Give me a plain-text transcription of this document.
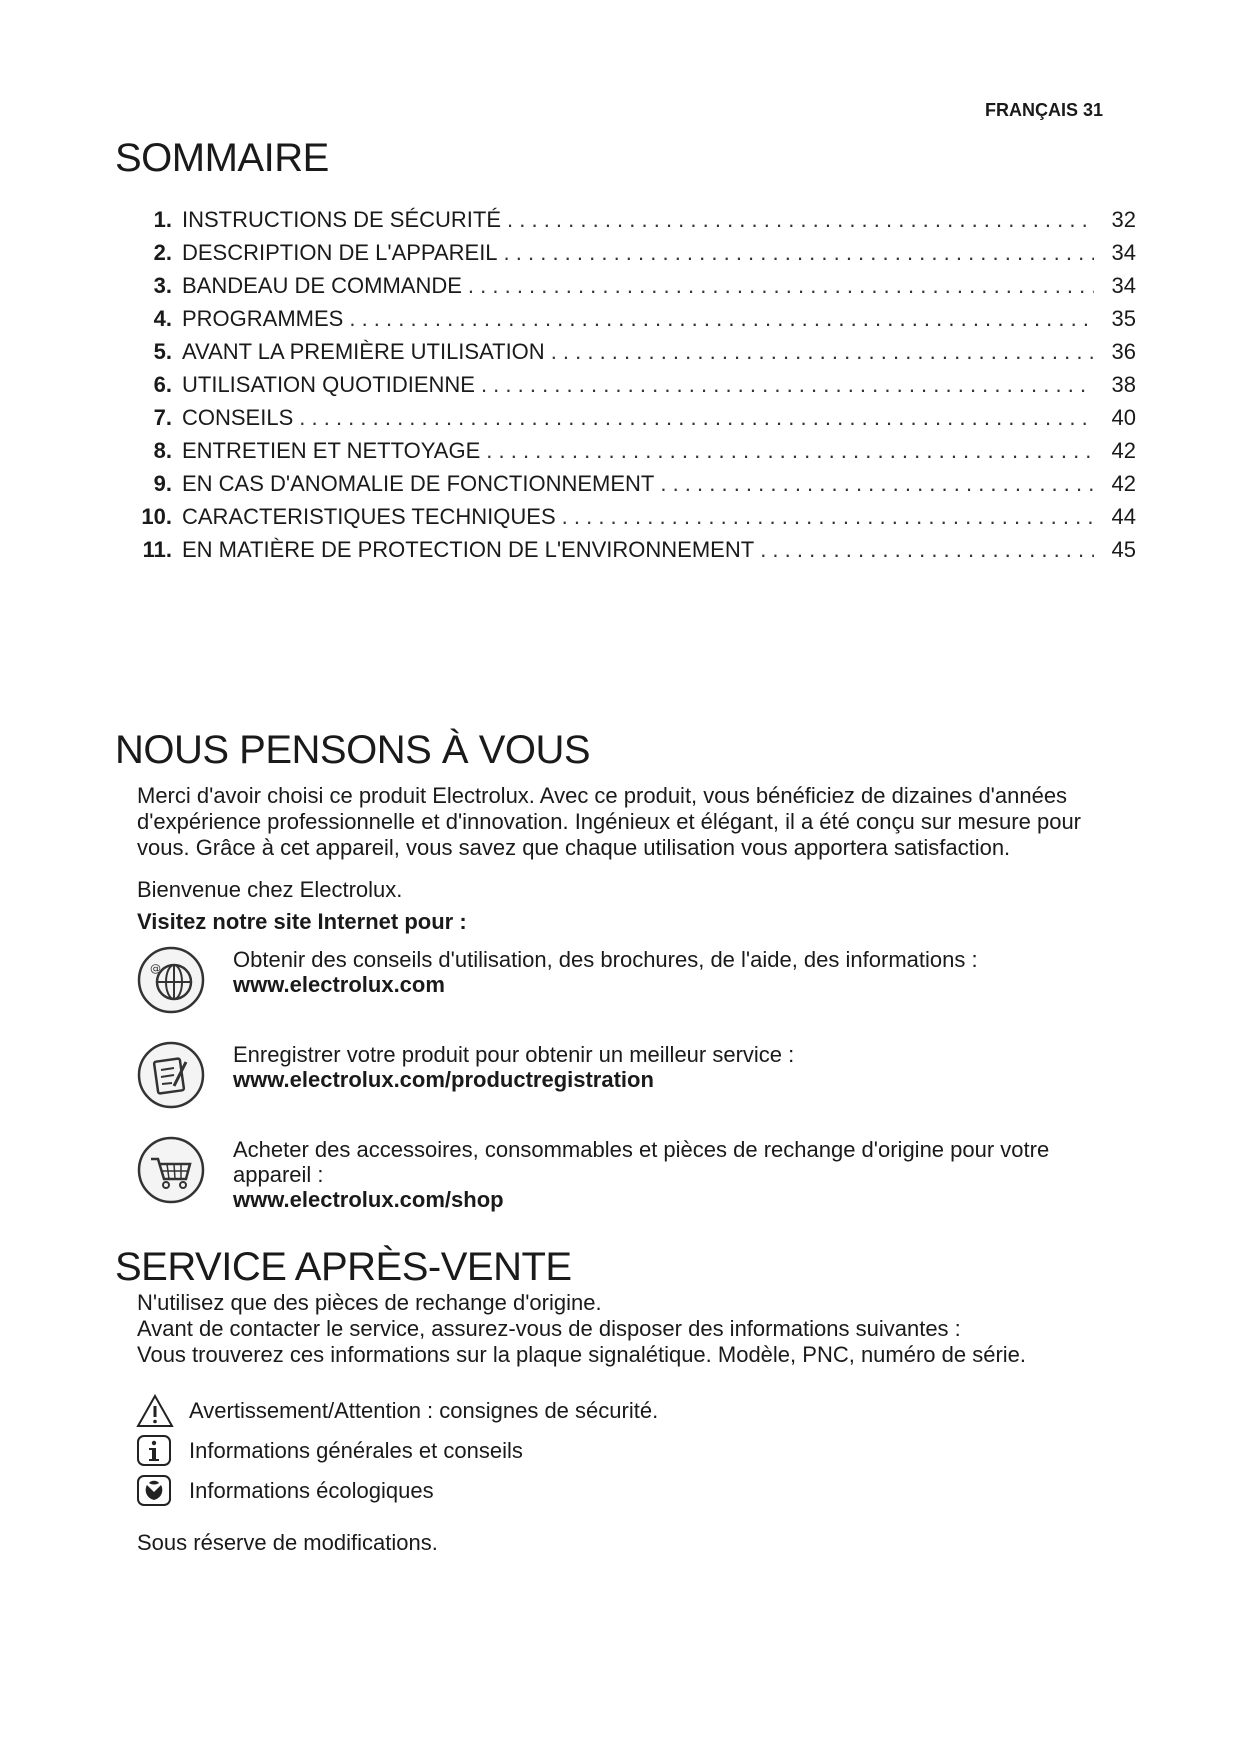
FRANÇAIS 31
SOMMAIRE
1. INSTRUCTIONS DE SÉCURITÉ . . .	32
2. DESCRIPTION DE L'APPAREIL . . .	34
3. BANDEAU DE COMMANDE . . .	34
4. PROGRAMMES . . .	35
5. AVANT LA PREMIÈRE UTILISATION . . .	36
6. UTILISATION QUOTIDIENNE . . .	38
7. CONSEILS . . .	40
8. ENTRETIEN ET NETTOYAGE . . .	42
9. EN CAS D'ANOMALIE DE FONCTIONNEMENT . . .	42
10. CARACTERISTIQUES TECHNIQUES . . .	44
11. EN MATIÈRE DE PROTECTION DE L'ENVIRONNEMENT . . .	45
NOUS PENSONS À VOUS

Merci d'avoir choisi ce produit Electrolux. Avec ce produit, vous bénéficiez de dizaines d'années d'expérience professionnelle et d'innovation. Ingénieux et élégant, il a été conçu sur mesure pour vous. Grâce à cet appareil, vous savez que chaque utilisation vous apportera satisfaction.

Bienvenue chez Electrolux.

Visitez notre site Internet pour :

@	Obtenir des conseils d'utilisation, des brochures, de l'aide, des informations :
www.electrolux.com
Enregistrer votre produit pour obtenir un meilleur service :
www.electrolux.com/productregistration
Acheter des accessoires, consommables et pièces de rechange d'origine pour votre appareil :
www.electrolux.com/shop
SERVICE APRÈS-VENTE
N'utilisez que des pièces de rechange d'origine.
Avant de contacter le service, assurez-vous de disposer des informations suivantes :
Vous trouverez ces informations sur la plaque signalétique. Modèle, PNC, numéro de série.
Avertissement/Attention : consignes de sécurité.
Informations générales et conseils
Informations écologiques
Sous réserve de modifications.
